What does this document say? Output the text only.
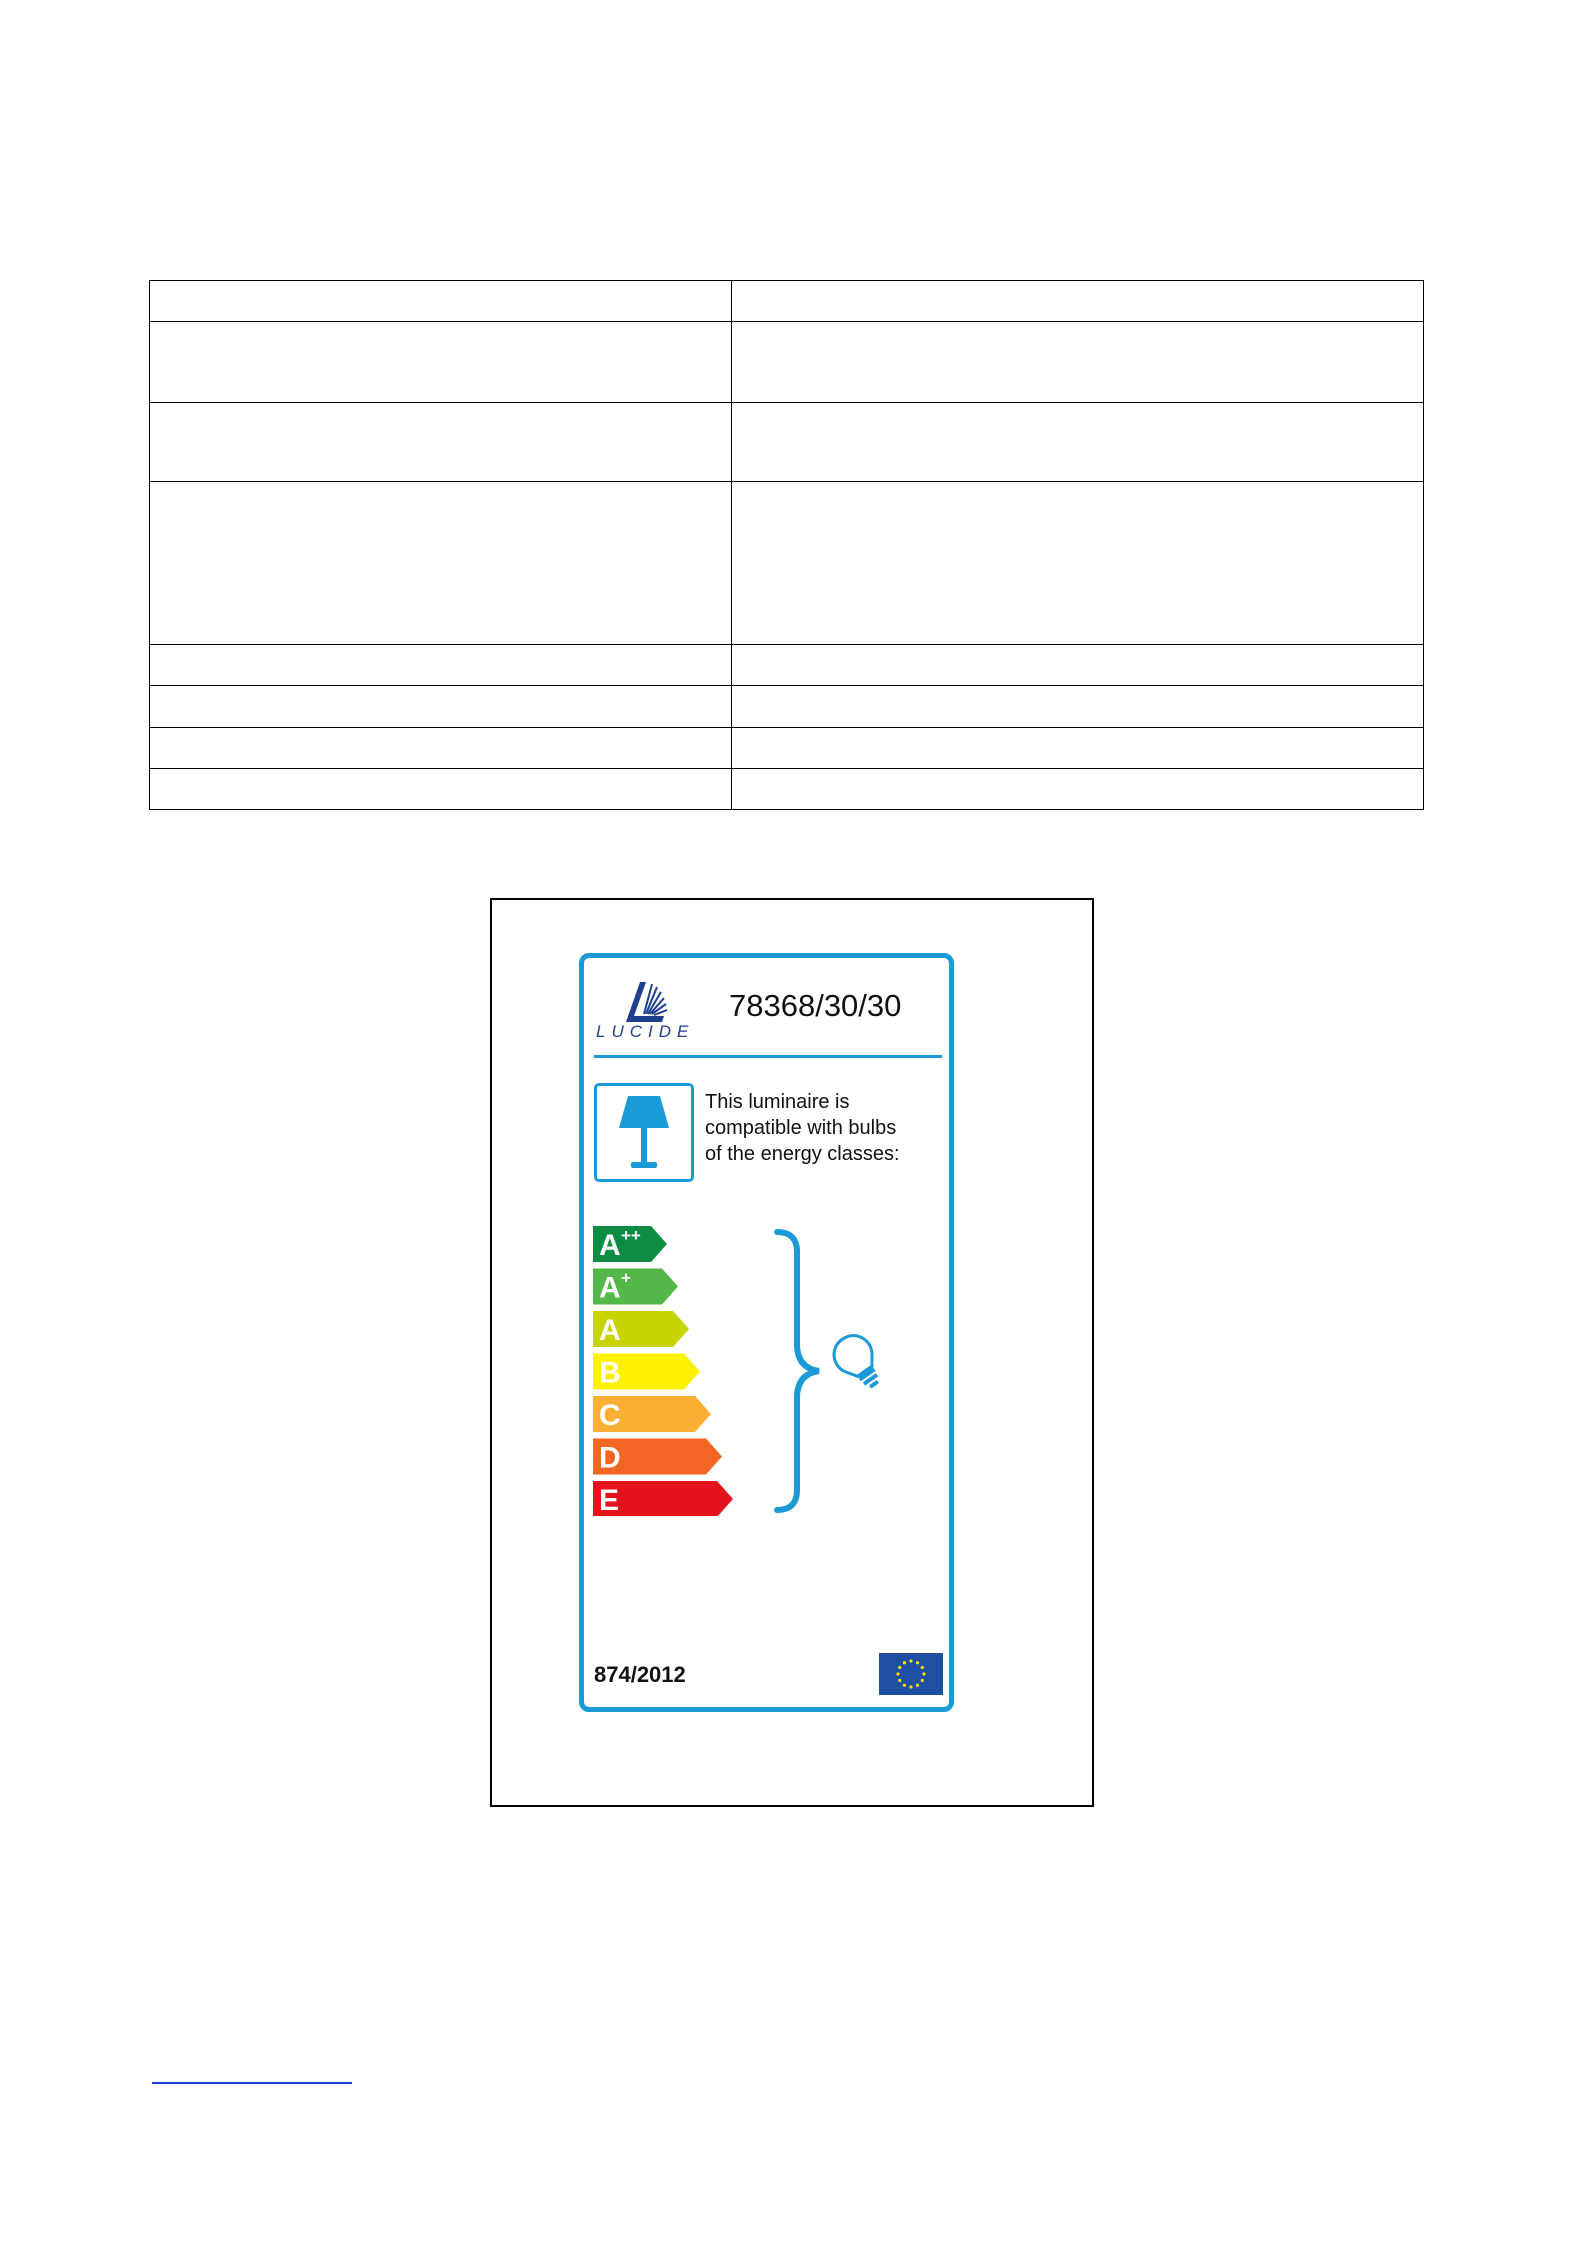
LUCIDE
78368/30/30
This luminaire is
compatible with bulbs
of the energy classes:
A ++
A +
A
B
C
D
E
874/2012
